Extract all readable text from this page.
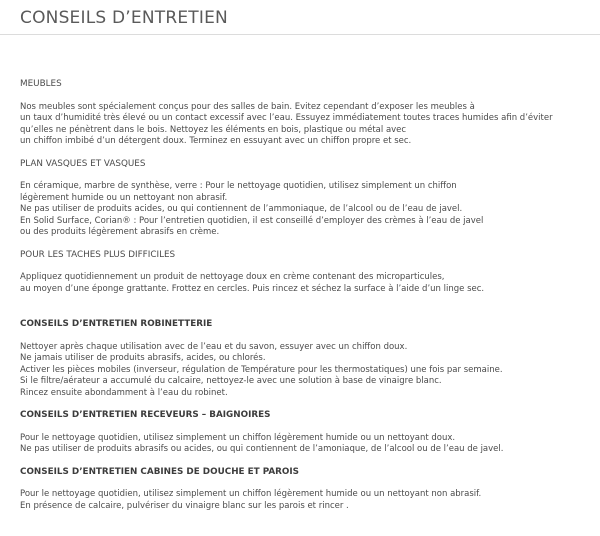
CONSEILS D’ENTRETIEN
MEUBLES

Nos meubles sont spécialement conçus pour des salles de bain. Evitez cependant d’exposer les meubles à
un taux d’humidité très élevé ou un contact excessif avec l’eau. Essuyez immédiatement toutes traces humides afin d’éviter
qu’elles ne pénètrent dans le bois. Nettoyez les éléments en bois, plastique ou métal avec
un chiffon imbibé d’un détergent doux. Terminez en essuyant avec un chiffon propre et sec.

PLAN VASQUES ET VASQUES

En céramique, marbre de synthèse, verre : Pour le nettoyage quotidien, utilisez simplement un chiffon
légèrement humide ou un nettoyant non abrasif.
Ne pas utiliser de produits acides, ou qui contiennent de l’ammoniaque, de l’alcool ou de l’eau de javel.
En Solid Surface, Corian® : Pour l’entretien quotidien, il est conseillé d’employer des crèmes à l’eau de javel
ou des produits légèrement abrasifs en crème.

POUR LES TACHES PLUS DIFFICILES

Appliquez quotidiennement un produit de nettoyage doux en crème contenant des microparticules,
au moyen d’une éponge grattante. Frottez en cercles. Puis rincez et séchez la surface à l’aide d’un linge sec.

CONSEILS D’ENTRETIEN ROBINETTERIE

Nettoyer après chaque utilisation avec de l’eau et du savon, essuyer avec un chiffon doux.
Ne jamais utiliser de produits abrasifs, acides, ou chlorés.
Activer les pièces mobiles (inverseur, régulation de Température pour les thermostatiques) une fois par semaine.
Si le filtre/aérateur a accumulé du calcaire, nettoyez-le avec une solution à base de vinaigre blanc.
Rincez ensuite abondamment à l’eau du robinet.

CONSEILS D’ENTRETIEN RECEVEURS – BAIGNOIRES

Pour le nettoyage quotidien, utilisez simplement un chiffon légèrement humide ou un nettoyant doux.
Ne pas utiliser de produits abrasifs ou acides, ou qui contiennent de l’amoniaque, de l’alcool ou de l’eau de javel.

CONSEILS D’ENTRETIEN CABINES DE DOUCHE ET PAROIS

Pour le nettoyage quotidien, utilisez simplement un chiffon légèrement humide ou un nettoyant non abrasif.
En présence de calcaire, pulvériser du vinaigre blanc sur les parois et rincer .
